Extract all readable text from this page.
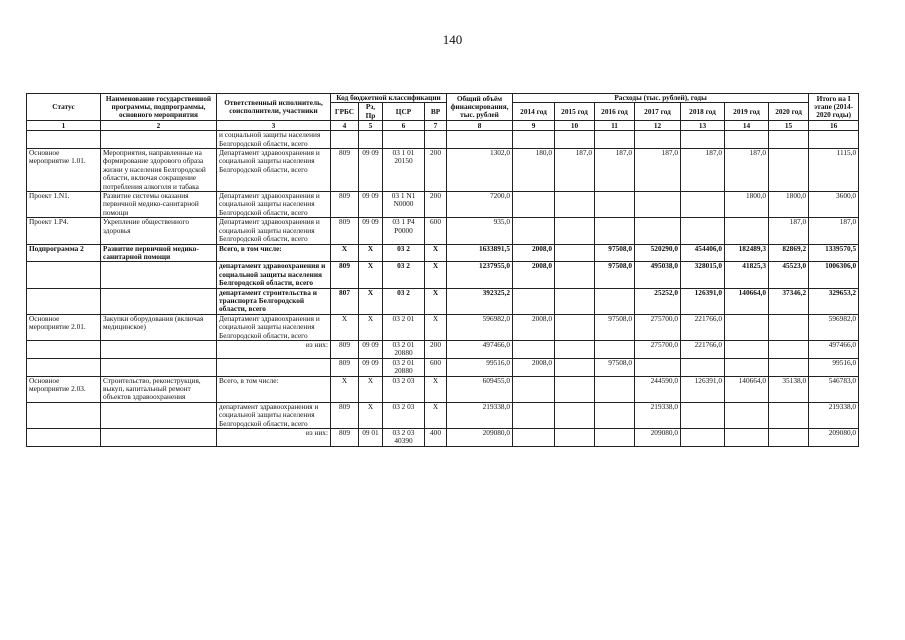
140
Статус	Наименование государственной программы, подпрограммы, основного мероприятия	Ответственный исполнитель, соисполнители, участники	Код бюджетной классификации				Общий объём финансирования, тыс. рублей	Расходы (тыс. рублей), годы							Итого на I этапе (2014-2020 годы)
			ГРБС	Рз, Пр	ЦСР	ВР		2014 год	2015 год	2016 год	2017 год	2018 год	2019 год	2020 год	
1	2	3	4	5	6	7	8	9	10	11	12	13	14	15	16
		и социальной защиты населения Белгородской области, всего													
Основное мероприятие 1.01.	Мероприятия, направленные на формирование здорового образа жизни у населения Белгородской области, включая сокращение потребления алкоголя и табака	Департамент здравоохранения и социальной защиты населения Белгородской области, всего	809	09 09	03 1 01 20150	200	1302,0	180,0	187,0	187,0	187,0	187,0	187,0		1115,0
Проект 1.N1.	Развитие системы оказания первичной медико-санитарной помощи	Департамент здравоохранения и социальной защиты населения Белгородской области, всего	809	09 09	03 1 N1 N0000	200	7200,0						1800,0	1800,0	3600,0
Проект 1.P4.	Укрепление общественного здоровья	Департамент здравоохранения и социальной защиты населения Белгородской области, всего	809	09 09	03 1 P4 P0000	600	935,0							187,0	187,0
Подпрограмма 2	Развитие первичной медико-санитарной помощи	Всего, в том числе:	X	X	03 2	X	1633891,5	2008,0		97508,0	520290,0	454406,0	182489,3	82869,2	1339570,5
		департамент здравоохранения и социальной защиты населения Белгородской области, всего	809	X	03 2	X	1237955,0	2008,0		97508,0	495038,0	328015,0	41825,3	45523,0	1006306,0
		департамент строительства и транспорта Белгородской области, всего	807	X	03 2	X	392325,2				25252,0	126391,0	140664,0	37346,2	329653,2
Основное мероприятие 2.01.	Закупки оборудования (включая медицинское)	Департамент здравоохранения и социальной защиты населения Белгородской области, всего	X	X	03 2 01	X	596982,0	2008,0		97508,0	275700,0	221766,0			596982,0
		из них:	809	09 09	03 2 01 20880	200	497466,0				275700,0	221766,0			497466,0
			809	09 09	03 2 01 20880	600	99516,0	2008,0		97508,0					99516,0
Основное мероприятие 2.03.	Строительство, реконструкция, выкуп, капитальный ремонт объектов здравоохранения	Всего, в том числе:	X	X	03 2 03	X	609455,0				244590,0	126391,0	140664,0	35138,0	546783,0
		департамент здравоохранения и социальной защиты населения Белгородской области, всего	809	X	03 2 03	X	219338,0				219338,0				219338,0
		из них:	809	09 01	03 2 03 40390	400	209080,0				209080,0				209080,0
